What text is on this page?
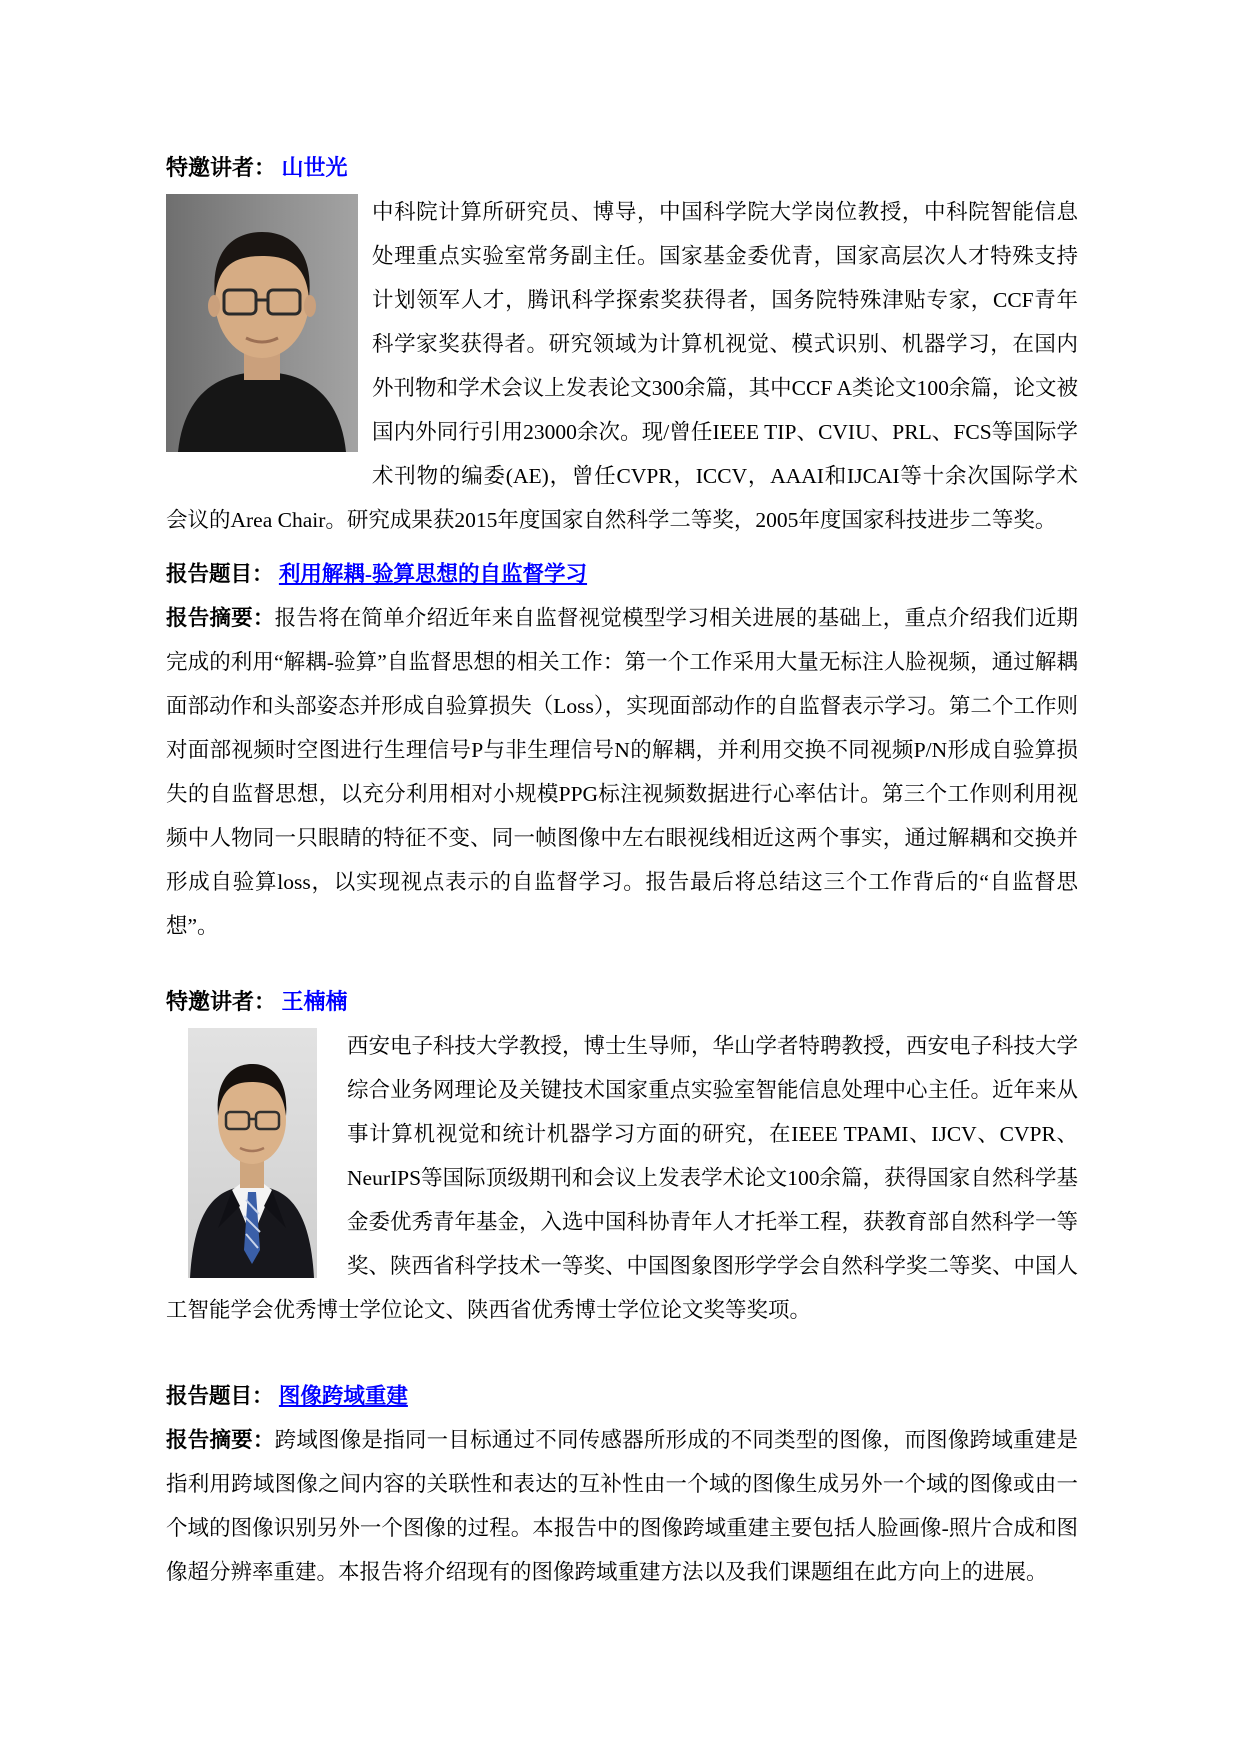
特邀讲者： 山世光
中科院计算所研究员、博导，中国科学院大学岗位教授，中科院智能信息处理重点实验室常务副主任。国家基金委优青，国家高层次人才特殊支持计划领军人才，腾讯科学探索奖获得者，国务院特殊津贴专家，CCF青年科学家奖获得者。研究领域为计算机视觉、模式识别、机器学习，在国内外刊物和学术会议上发表论文300余篇，其中CCF A类论文100余篇，论文被国内外同行引用23000余次。现/曾任IEEE TIP、CVIU、PRL、FCS等国际学术刊物的编委(AE)，曾任CVPR，ICCV，AAAI和IJCAI等十余次国际学术会议的Area Chair。研究成果获2015年度国家自然科学二等奖，2005年度国家科技进步二等奖。

报告题目： 利用解耦-验算思想的自监督学习

报告摘要：报告将在简单介绍近年来自监督视觉模型学习相关进展的基础上，重点介绍我们近期完成的利用“解耦-验算”自监督思想的相关工作：第一个工作采用大量无标注人脸视频，通过解耦面部动作和头部姿态并形成自验算损失（Loss），实现面部动作的自监督表示学习。第二个工作则对面部视频时空图进行生理信号P与非生理信号N的解耦，并利用交换不同视频P/N形成自验算损失的自监督思想，以充分利用相对小规模PPG标注视频数据进行心率估计。第三个工作则利用视频中人物同一只眼睛的特征不变、同一帧图像中左右眼视线相近这两个事实，通过解耦和交换并形成自验算loss，以实现视点表示的自监督学习。报告最后将总结这三个工作背后的“自监督思想”。

特邀讲者： 王楠楠
西安电子科技大学教授，博士生导师，华山学者特聘教授，西安电子科技大学综合业务网理论及关键技术国家重点实验室智能信息处理中心主任。近年来从事计算机视觉和统计机器学习方面的研究，在IEEE TPAMI、IJCV、CVPR、NeurIPS等国际顶级期刊和会议上发表学术论文100余篇，获得国家自然科学基金委优秀青年基金，入选中国科协青年人才托举工程，获教育部自然科学一等奖、陕西省科学技术一等奖、中国图象图形学学会自然科学奖二等奖、中国人工智能学会优秀博士学位论文、陕西省优秀博士学位论文奖等奖项。

报告题目： 图像跨域重建

报告摘要：跨域图像是指同一目标通过不同传感器所形成的不同类型的图像，而图像跨域重建是指利用跨域图像之间内容的关联性和表达的互补性由一个域的图像生成另外一个域的图像或由一个域的图像识别另外一个图像的过程。本报告中的图像跨域重建主要包括人脸画像-照片合成和图像超分辨率重建。本报告将介绍现有的图像跨域重建方法以及我们课题组在此方向上的进展。
